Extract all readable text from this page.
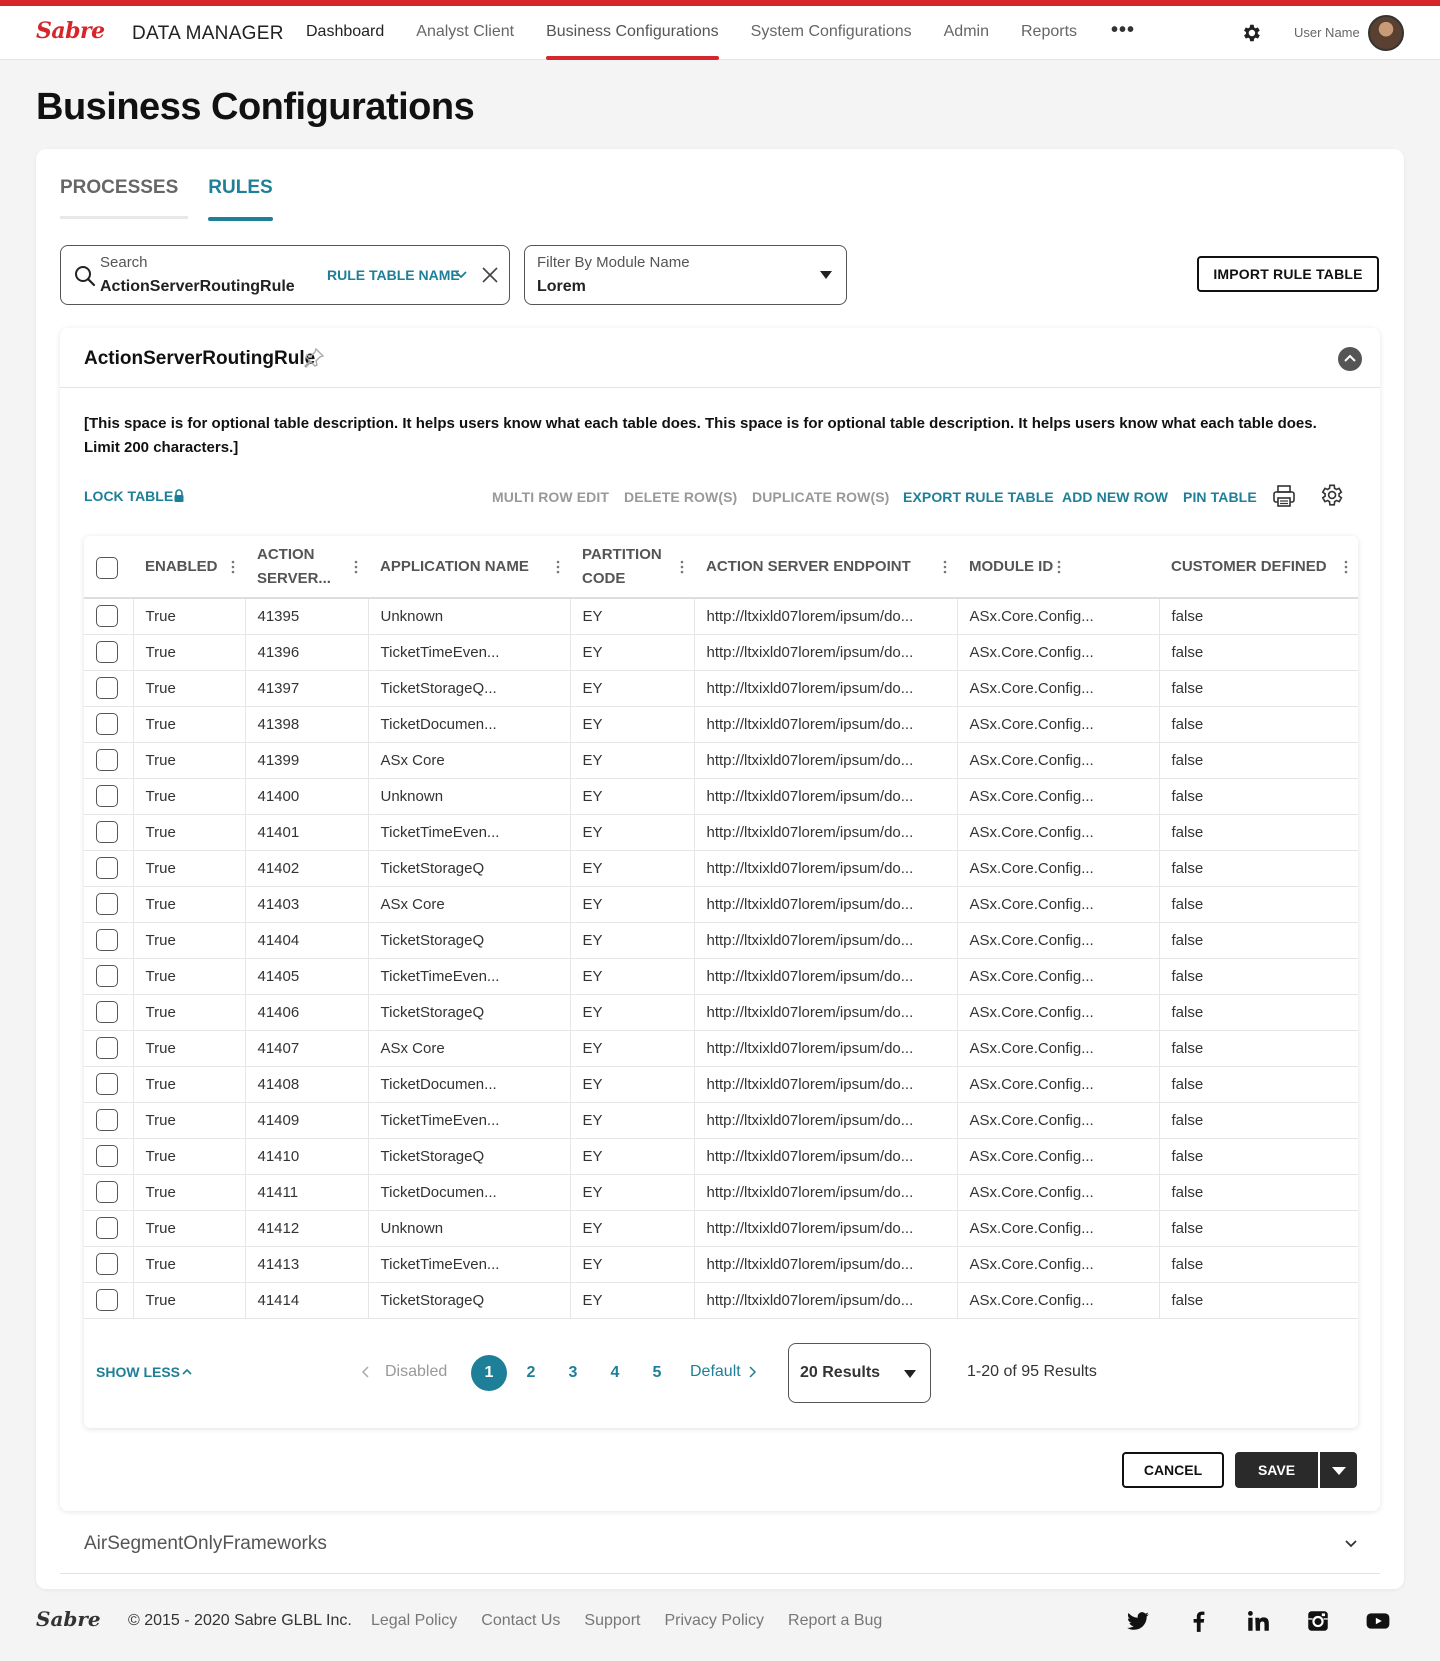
Sabre DATA MANAGER Dashboard Analyst Client Business Configurations System Configurations Admin Reports •••	User Name
Business Configurations
PROCESSES RULES
Search
ActionServerRoutingRule
RULE TABLE NAME
Filter By Module Name
Lorem
IMPORT RULE TABLE
ActionServerRoutingRule
[This space is for optional table description. It helps users know what each table does. This space is for optional table description. It helps users know what each table does. Limit 200 characters.]
LOCK TABLE	MULTI ROW EDIT DELETE ROW(S) DUPLICATE ROW(S) EXPORT RULE TABLE ADD NEW ROW PIN TABLE
	ENABLED	ACTION SERVER...	APPLICATION NAME	PARTITION CODE	ACTION SERVER ENDPOINT	MODULE ID	CUSTOMER DEFINED

	True	41395	Unknown	EY	http://ltxixld07lorem/ipsum/do...	ASx.Core.Config...	false
	True	41396	TicketTimeEven...	EY	http://ltxixld07lorem/ipsum/do...	ASx.Core.Config...	false
	True	41397	TicketStorageQ...	EY	http://ltxixld07lorem/ipsum/do...	ASx.Core.Config...	false
	True	41398	TicketDocumen...	EY	http://ltxixld07lorem/ipsum/do...	ASx.Core.Config...	false
	True	41399	ASx Core	EY	http://ltxixld07lorem/ipsum/do...	ASx.Core.Config...	false
	True	41400	Unknown	EY	http://ltxixld07lorem/ipsum/do...	ASx.Core.Config...	false
	True	41401	TicketTimeEven...	EY	http://ltxixld07lorem/ipsum/do...	ASx.Core.Config...	false
	True	41402	TicketStorageQ	EY	http://ltxixld07lorem/ipsum/do...	ASx.Core.Config...	false
	True	41403	ASx Core	EY	http://ltxixld07lorem/ipsum/do...	ASx.Core.Config...	false
	True	41404	TicketStorageQ	EY	http://ltxixld07lorem/ipsum/do...	ASx.Core.Config...	false
	True	41405	TicketTimeEven...	EY	http://ltxixld07lorem/ipsum/do...	ASx.Core.Config...	false
	True	41406	TicketStorageQ	EY	http://ltxixld07lorem/ipsum/do...	ASx.Core.Config...	false
	True	41407	ASx Core	EY	http://ltxixld07lorem/ipsum/do...	ASx.Core.Config...	false
	True	41408	TicketDocumen...	EY	http://ltxixld07lorem/ipsum/do...	ASx.Core.Config...	false
	True	41409	TicketTimeEven...	EY	http://ltxixld07lorem/ipsum/do...	ASx.Core.Config...	false
	True	41410	TicketStorageQ	EY	http://ltxixld07lorem/ipsum/do...	ASx.Core.Config...	false
	True	41411	TicketDocumen...	EY	http://ltxixld07lorem/ipsum/do...	ASx.Core.Config...	false
	True	41412	Unknown	EY	http://ltxixld07lorem/ipsum/do...	ASx.Core.Config...	false
	True	41413	TicketTimeEven...	EY	http://ltxixld07lorem/ipsum/do...	ASx.Core.Config...	false
	True	41414	TicketStorageQ	EY	http://ltxixld07lorem/ipsum/do...	ASx.Core.Config...	false
SHOW LESS	Disabled	1	2	3	4	5	Default	20 Results	1-20 of 95 Results
CANCEL	SAVE
AirSegmentOnlyFrameworks
Sabre © 2015 - 2020 Sabre GLBL Inc. Legal Policy Contact Us Support Privacy Policy Report a Bug
